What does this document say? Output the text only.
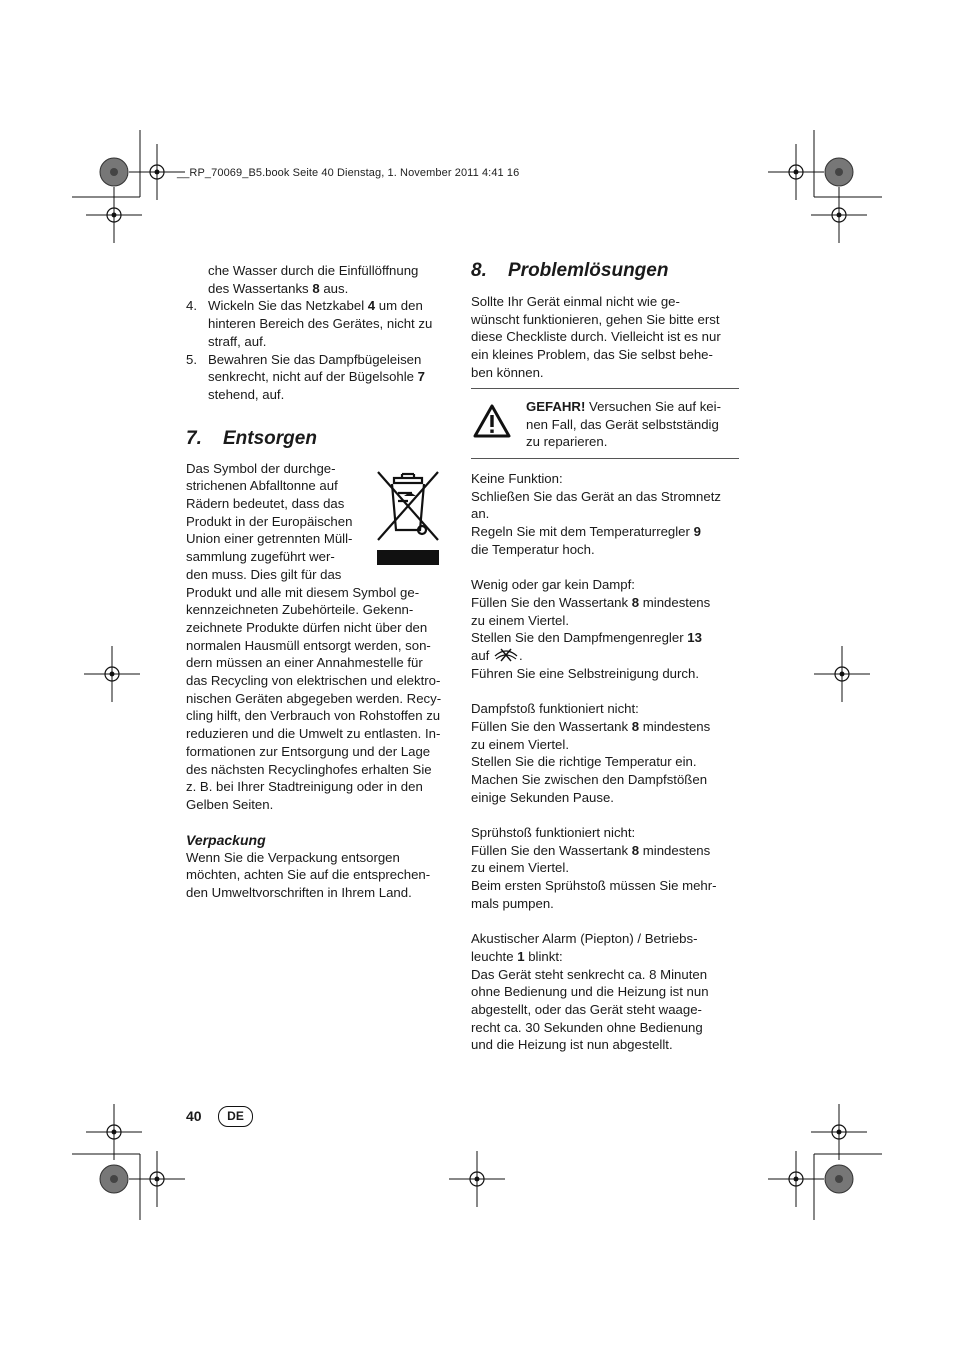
__RP_70069_B5.book Seite 40 Dienstag, 1. November 2011 4:41 16

che Wasser durch die Einfüllöffnung
des Wassertanks 8 aus.

4. Wickeln Sie das Netzkabel 4 um den
hinteren Bereich des Gerätes, nicht zu
straff, auf.
5. Bewahren Sie das Dampfbügeleisen
senkrecht, nicht auf der Bügelsohle 7
stehend, auf.
7. Entsorgen
Das Symbol der durchge-
strichenen Abfalltonne auf
Rädern bedeutet, dass das
Produkt in der Europäischen
Union einer getrennten Müll-
sammlung zugeführt wer-
den muss. Dies gilt für das
Produkt und alle mit diesem Symbol ge-
kennzeichneten Zubehörteile. Gekenn-
zeichnete Produkte dürfen nicht über den
normalen Hausmüll entsorgt werden, son-
dern müssen an einer Annahmestelle für
das Recycling von elektrischen und elektro-
nischen Geräten abgegeben werden. Recy-
cling hilft, den Verbrauch von Rohstoffen zu
reduzieren und die Umwelt zu entlasten. In-
formationen zur Entsorgung und der Lage
des nächsten Recyclinghofes erhalten Sie
z. B. bei Ihrer Stadtreinigung oder in den
Gelben Seiten.
Verpackung
Wenn Sie die Verpackung entsorgen
möchten, achten Sie auf die entsprechen-
den Umweltvorschriften in Ihrem Land.
8. Problemlösungen
Sollte Ihr Gerät einmal nicht wie ge-
wünscht funktionieren, gehen Sie bitte erst
diese Checkliste durch. Vielleicht ist es nur
ein kleines Problem, das Sie selbst behe-
ben können.
GEFAHR! Versuchen Sie auf kei-
nen Fall, das Gerät selbstständig
zu reparieren.
Keine Funktion:
Schließen Sie das Gerät an das Stromnetz
an.
Regeln Sie mit dem Temperaturregler 9
die Temperatur hoch.
Wenig oder gar kein Dampf:
Füllen Sie den Wassertank 8 mindestens
zu einem Viertel.
Stellen Sie den Dampfmengenregler 13
auf .
Führen Sie eine Selbstreinigung durch.
Dampfstoß funktioniert nicht:
Füllen Sie den Wassertank 8 mindestens
zu einem Viertel.
Stellen Sie die richtige Temperatur ein.
Machen Sie zwischen den Dampfstößen
einige Sekunden Pause.
Sprühstoß funktioniert nicht:
Füllen Sie den Wassertank 8 mindestens
zu einem Viertel.
Beim ersten Sprühstoß müssen Sie mehr-
mals pumpen.
Akustischer Alarm (Piepton) / Betriebs-
leuchte 1 blinkt:

Das Gerät steht senkrecht ca. 8 Minuten
ohne Bedienung und die Heizung ist nun
abgestellt, oder das Gerät steht waage-
recht ca. 30 Sekunden ohne Bedienung
und die Heizung ist nun abgestellt.
40	DE
